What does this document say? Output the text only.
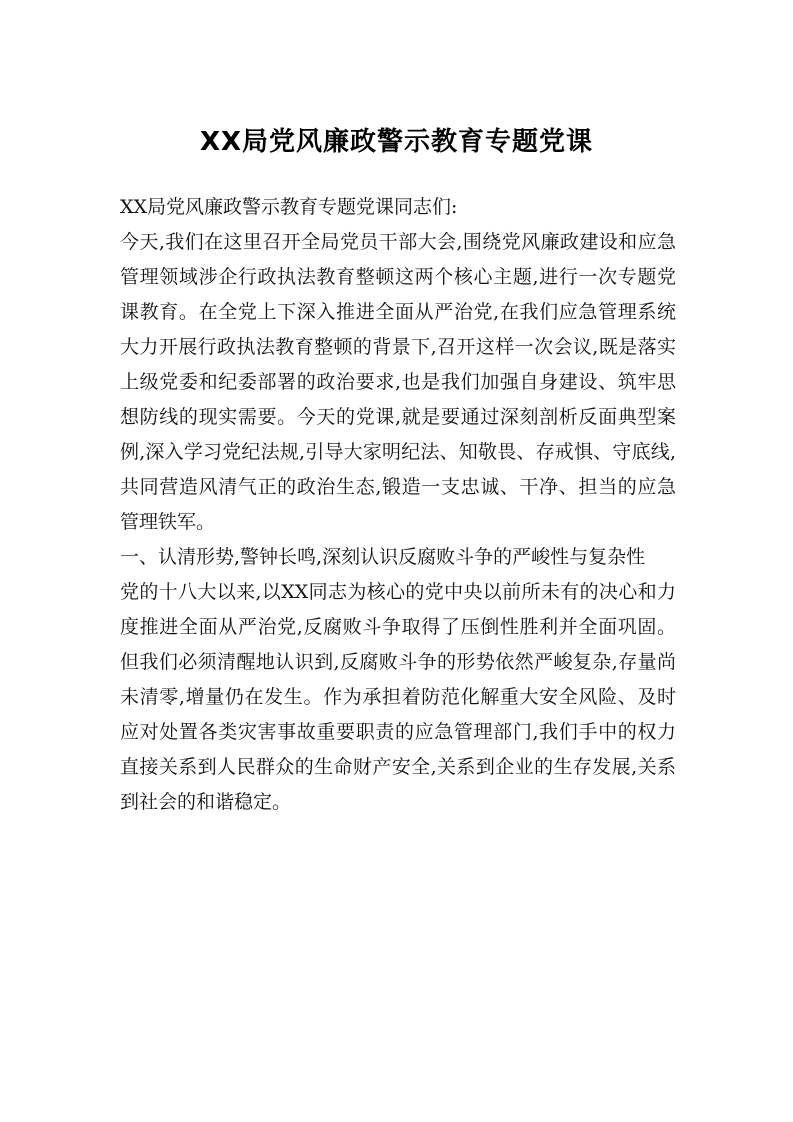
XX局党风廉政警示教育专题党课

XX局党风廉政警示教育专题党课同志们:

今天,我们在这里召开全局党员干部大会,围绕党风廉政建设和应急管理领域涉企行政执法教育整顿这两个核心主题,进行一次专题党课教育。在全党上下深入推进全面从严治党,在我们应急管理系统大力开展行政执法教育整顿的背景下,召开这样一次会议,既是落实上级党委和纪委部署的政治要求,也是我们加强自身建设、筑牢思想防线的现实需要。今天的党课,就是要通过深刻剖析反面典型案例,深入学习党纪法规,引导大家明纪法、知敬畏、存戒惧、守底线,共同营造风清气正的政治生态,锻造一支忠诚、干净、担当的应急管理铁军。

一、认清形势,警钟长鸣,深刻认识反腐败斗争的严峻性与复杂性

党的十八大以来,以XX同志为核心的党中央以前所未有的决心和力度推进全面从严治党,反腐败斗争取得了压倒性胜利并全面巩固。但我们必须清醒地认识到,反腐败斗争的形势依然严峻复杂,存量尚未清零,增量仍在发生。作为承担着防范化解重大安全风险、及时应对处置各类灾害事故重要职责的应急管理部门,我们手中的权力直接关系到人民群众的生命财产安全,关系到企业的生存发展,关系到社会的和谐稳定。
